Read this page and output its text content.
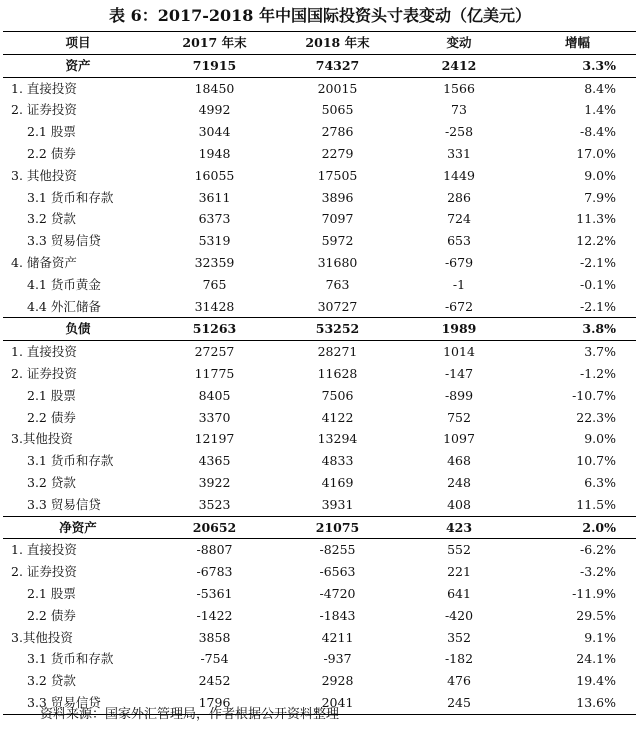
表 6：2017-2018 年中国国际投资头寸表变动（亿美元）
项目	2017 年末	2018 年末	变动	增幅
资产	71915	74327	2412	3.3%
1. 直接投资	18450	20015	1566	8.4%
2. 证券投资	4992	5065	73	1.4%
2.1 股票	3044	2786	-258	-8.4%
2.2 债券	1948	2279	331	17.0%
3. 其他投资	16055	17505	1449	9.0%
3.1 货币和存款	3611	3896	286	7.9%
3.2 贷款	6373	7097	724	11.3%
3.3 贸易信贷	5319	5972	653	12.2%
4. 储备资产	32359	31680	-679	-2.1%
4.1 货币黄金	765	763	-1	-0.1%
4.4 外汇储备	31428	30727	-672	-2.1%
负债	51263	53252	1989	3.8%
1. 直接投资	27257	28271	1014	3.7%
2. 证券投资	11775	11628	-147	-1.2%
2.1 股票	8405	7506	-899	-10.7%
2.2 债券	3370	4122	752	22.3%
3.其他投资	12197	13294	1097	9.0%
3.1 货币和存款	4365	4833	468	10.7%
3.2 贷款	3922	4169	248	6.3%
3.3 贸易信贷	3523	3931	408	11.5%
净资产	20652	21075	423	2.0%
1. 直接投资	-8807	-8255	552	-6.2%
2. 证券投资	-6783	-6563	221	-3.2%
2.1 股票	-5361	-4720	641	-11.9%
2.2 债券	-1422	-1843	-420	29.5%
3.其他投资	3858	4211	352	9.1%
3.1 货币和存款	-754	-937	-182	24.1%
3.2 贷款	2452	2928	476	19.4%
3.3 贸易信贷	1796	2041	245	13.6%
资料来源：国家外汇管理局，作者根据公开资料整理
